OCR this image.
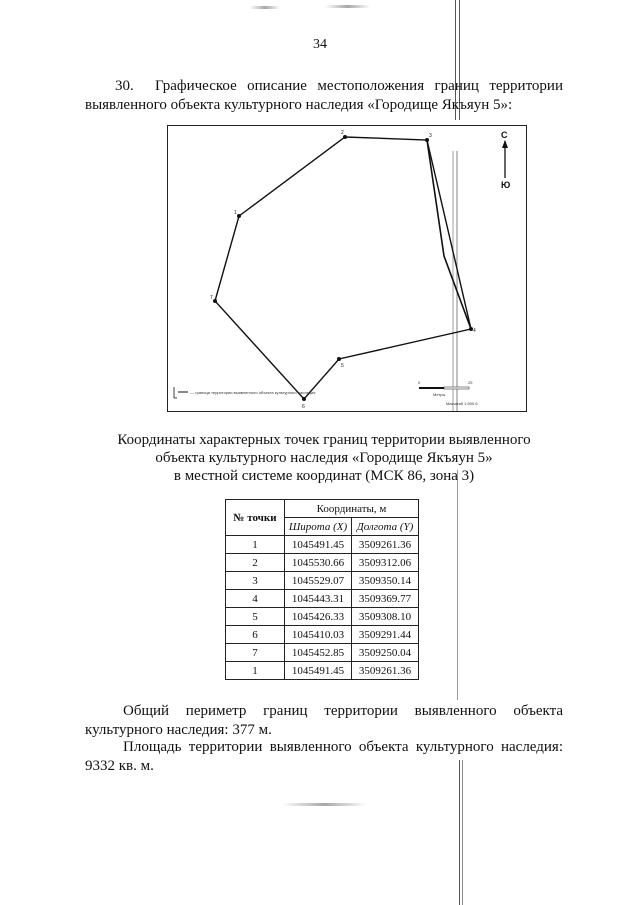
34
30. Графическое описание местоположения границ территории выявленного объекта культурного наследия «Городище Якъяун 5»:
1
2	3
4
5
6
7
С
Ю
— граница территории выявленного объекта культурного наследия
0	25
Метры
Масштаб 1:900.6
Координаты характерных точек границ территории выявленного
объекта культурного наследия «Городище Якъяун 5»
в местной системе координат (МСК 86, зона 3)
№ точки	Координаты, м	
	Широта (X)	Долгота (Y)
1	1045491.45	3509261.36
2	1045530.66	3509312.06
3	1045529.07	3509350.14
4	1045443.31	3509369.77
5	1045426.33	3509308.10
6	1045410.03	3509291.44
7	1045452.85	3509250.04
1	1045491.45	3509261.36
Общий периметр границ территории выявленного объекта культурного наследия: 377 м.
Площадь территории выявленного объекта культурного наследия: 9332 кв. м.
